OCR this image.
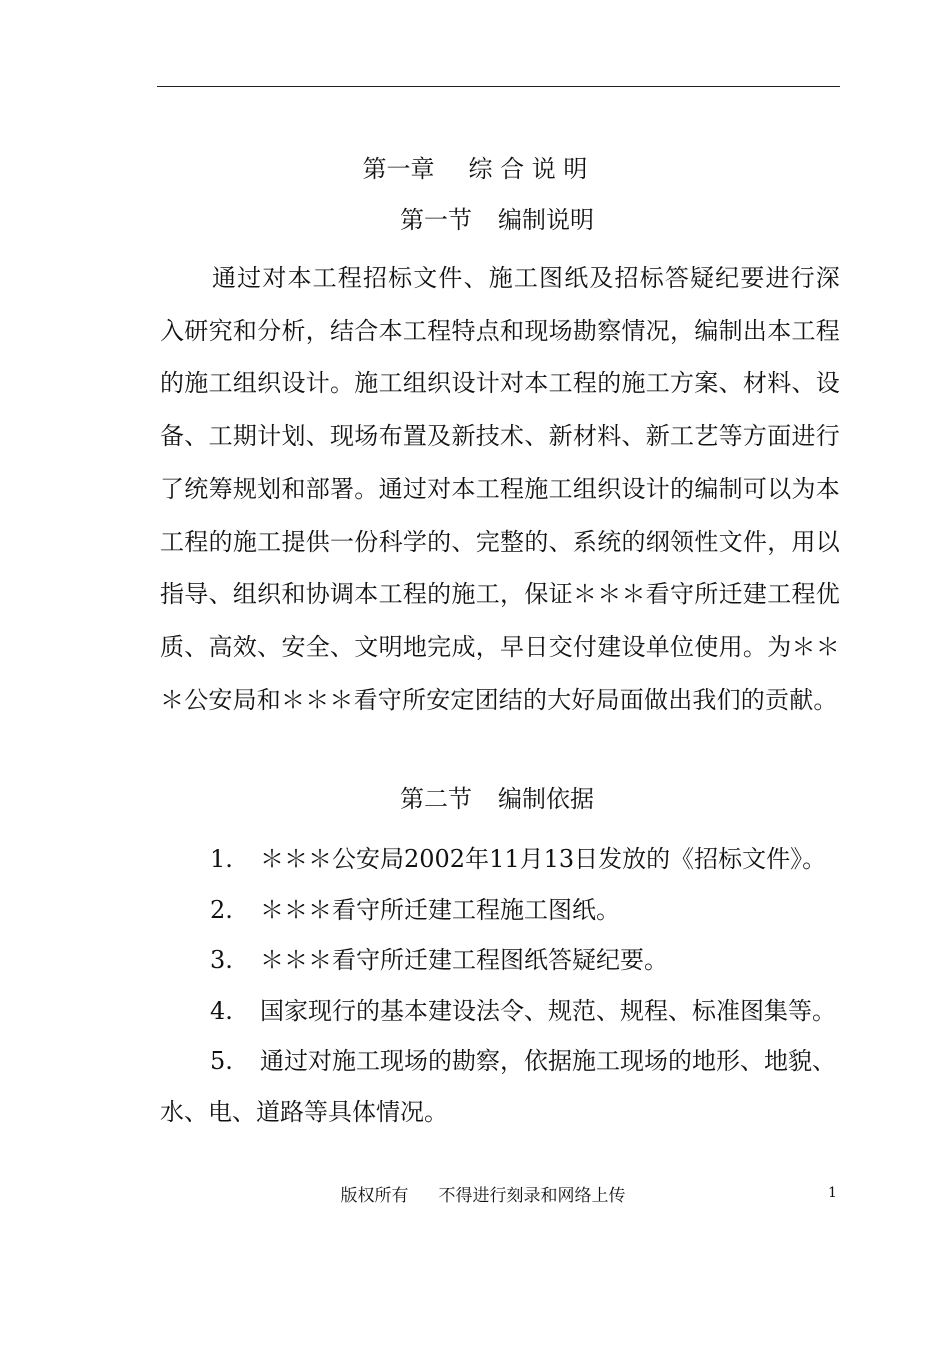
第一章 综 合 说 明
第一节 编制说明

通过对本工程招标文件、施工图纸及招标答疑纪要进行深入研究和分析，结合本工程特点和现场勘察情况，编制出本工程的施工组织设计。施工组织设计对本工程的施工方案、材料、设备、工期计划、现场布置及新技术、新材料、新工艺等方面进行了统筹规划和部署。通过对本工程施工组织设计的编制可以为本工程的施工提供一份科学的、完整的、系统的纲领性文件，用以指导、组织和协调本工程的施工，保证＊＊＊看守所迁建工程优质、高效、安全、文明地完成，早日交付建设单位使用。为＊＊＊公安局和＊＊＊看守所安定团结的大好局面做出我们的贡献。

第二节 编制依据
1. ＊＊＊公安局2002年11月13日发放的《招标文件》。
2. ＊＊＊看守所迁建工程施工图纸。
3. ＊＊＊看守所迁建工程图纸答疑纪要。
4. 国家现行的基本建设法令、规范、规程、标准图集等。
5. 通过对施工现场的勘察，依据施工现场的地形、地貌、水、电、道路等具体情况。
版权所有 不得进行刻录和网络上传	1
